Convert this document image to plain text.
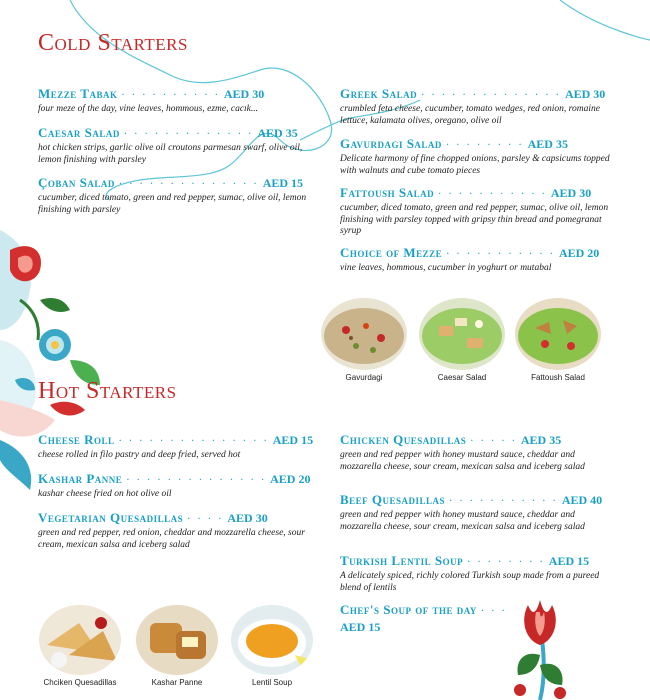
Cold Starters
Mezze Tabak · · · · · · · · · · AED 30
four meze of the day, vine leaves, hommous, ezme, cacık...
Caesar Salad · · · · · · · · · · · · · AED 35
hot chicken strips, garlic olive oil croutons parmesan swarf, olive oil, lemon finishing with parsley
Çoban Salad · · · · · · · · · · · · · · AED 15
cucumber, diced tomato, green and red pepper, sumac, olive oil, lemon finishing with parsley
Greek Salad · · · · · · · · · · · · · · AED 30
crumbled feta cheese, cucumber, tomato wedges, red onion, romaine lettuce, kalamata olives, oregano, olive oil
Gavurdagi Salad · · · · · · · · AED 35
Delicate harmony of fine chopped onions, parsley & capsicums topped with walnuts and cube tomato pieces
Fattoush Salad · · · · · · · · · · · AED 30
cucumber, diced tomato, green and red pepper, sumac, olive oil, lemon finishing with parsley topped with gripsy thin bread and pomegranat syrup
Choice of Mezze · · · · · · · · · · · AED 20
vine leaves, hommous, cucumber in yoghurt or mutabal
Gavurdagi	Caesar Salad	Fattoush Salad
Hot Starters
Cheese Roll · · · · · · · · · · · · · · · AED 15
cheese rolled in filo pastry and deep fried, served hot
Kashar Panne · · · · · · · · · · · · · · AED 20
kashar cheese fried on hot olive oil
Vegetarian Quesadillas · · · · AED 30
green and red pepper, red onion, cheddar and mozzarella cheese, sour cream, mexican salsa and iceberg salad
Chicken Quesadillas · · · · · AED 35
green and red pepper with honey mustard sauce, cheddar and mozzarella cheese, sour cream, mexican salsa and iceberg salad
Beef Quesadillas · · · · · · · · · · · AED 40
green and red pepper with honey mustard sauce, cheddar and mozzarella cheese, sour cream, mexican salsa and iceberg salad
Turkish Lentil Soup · · · · · · · · AED 15
A delicately spiced, richly colored Turkish soup made from a pureed blend of lentils
Chef's Soup of the day · · ·
AED 15
Chciken Quesadillas	Kashar Panne	Lentil Soup
